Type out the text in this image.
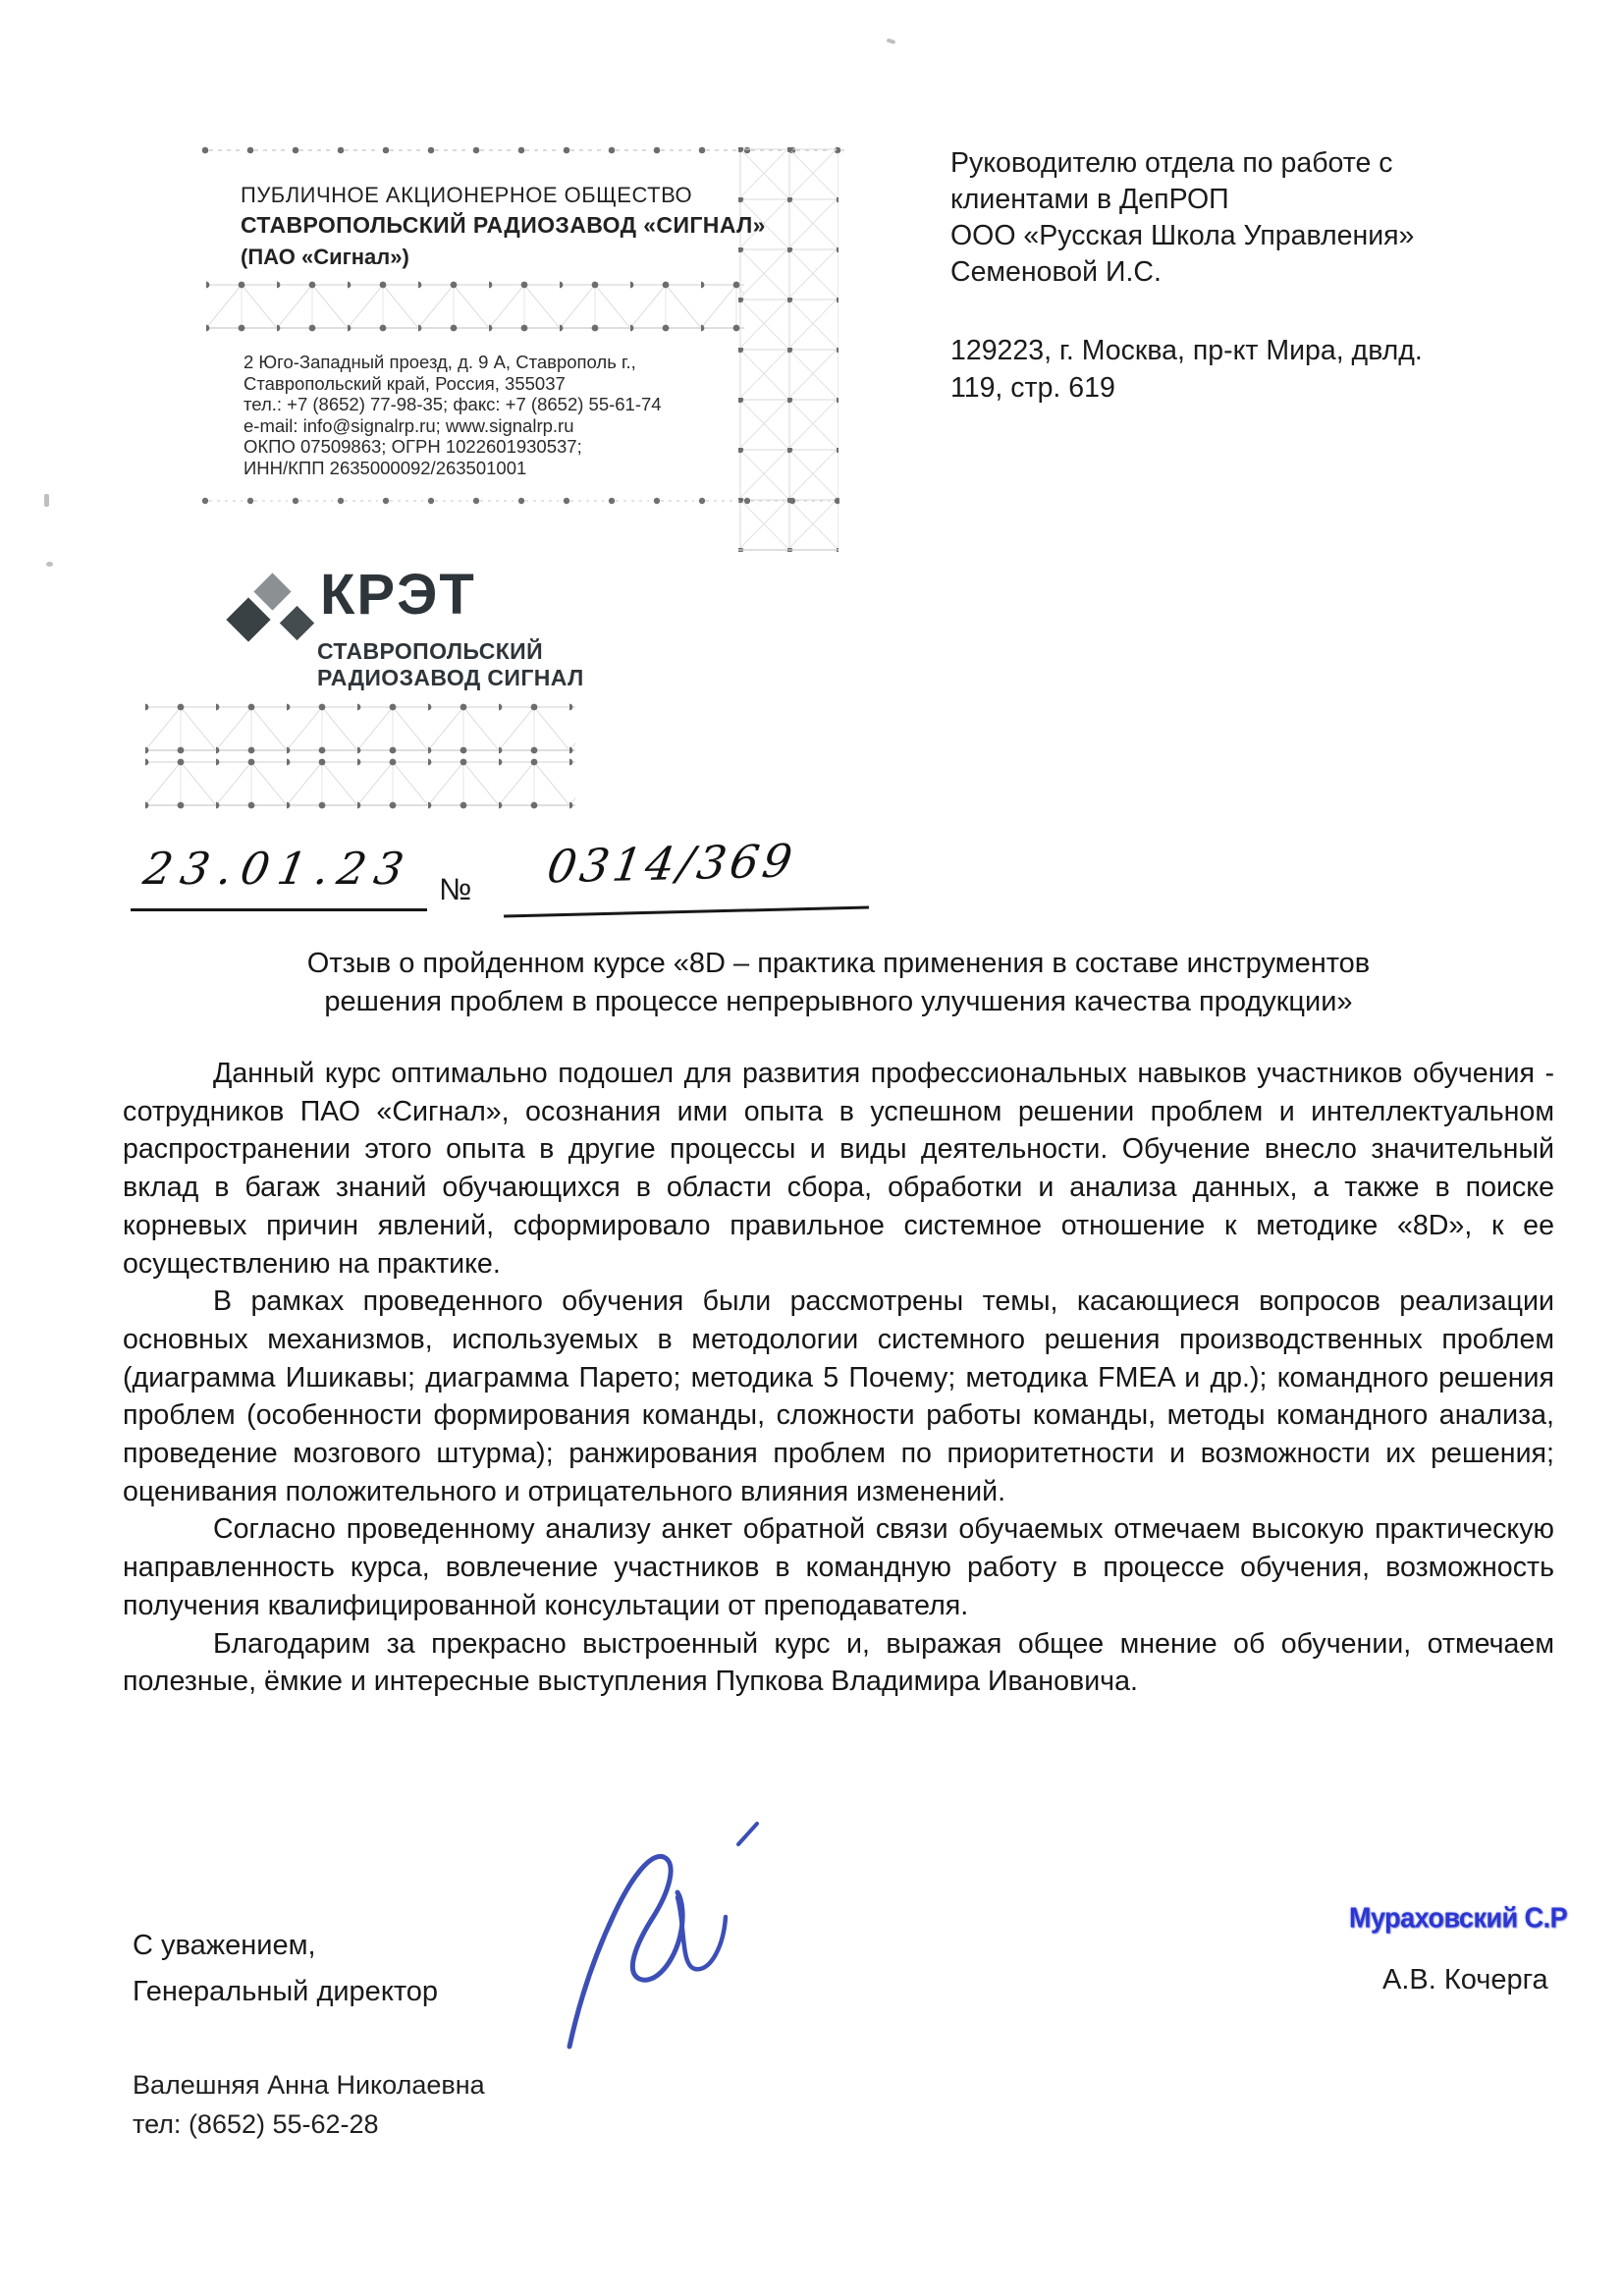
ПУБЛИЧНОЕ АКЦИОНЕРНОЕ ОБЩЕСТВО
СТАВРОПОЛЬСКИЙ РАДИОЗАВОД «СИГНАЛ»
(ПАО «Сигнал»)
2 Юго-Западный проезд, д. 9 А, Ставрополь г.,
Ставропольский край, Россия, 355037
тел.: +7 (8652) 77-98-35; факс: +7 (8652) 55-61-74
e-mail: info@signalrp.ru; www.signalrp.ru
ОКПО 07509863; ОГРН 1022601930537;
ИНН/КПП 2635000092/263501001
КРЭТ
СТАВРОПОЛЬСКИЙ
РАДИОЗАВОД СИГНАЛ
Руководителю отдела по работе с
клиентами в ДепРОП
ООО «Русская Школа Управления»
Семеновой И.С.
129223, г. Москва, пр-кт Мира, двлд.
119, стр. 619
23.01.23 № 0314/369
Отзыв о пройденном курсе «8D – практика применения в составе инструментов
решения проблем в процессе непрерывного улучшения качества продукции»

Данный курс оптимально подошел для развития профессиональных навыков участников обучения - сотрудников ПАО «Сигнал», осознания ими опыта в успешном решении проблем и интеллектуальном распространении этого опыта в другие процессы и виды деятельности. Обучение внесло значительный вклад в багаж знаний обучающихся в области сбора, обработки и анализа данных, а также в поиске корневых причин явлений, сформировало правильное системное отношение к методике «8D», к ее осуществлению на практике.

В рамках проведенного обучения были рассмотрены темы, касающиеся вопросов реализации основных механизмов, используемых в методологии системного решения производственных проблем (диаграмма Ишикавы; диаграмма Парето; методика 5 Почему; методика FMEA и др.); командного решения проблем (особенности формирования команды, сложности работы команды, методы командного анализа, проведение мозгового штурма); ранжирования проблем по приоритетности и возможности их решения; оценивания положительного и отрицательного влияния изменений.

Согласно проведенному анализу анкет обратной связи обучаемых отмечаем высокую практическую направленность курса, вовлечение участников в командную работу в процессе обучения, возможность получения квалифицированной консультации от преподавателя.

Благодарим за прекрасно выстроенный курс и, выражая общее мнение об обучении, отмечаем полезные, ёмкие и интересные выступления Пупкова Владимира Ивановича.

С уважением,
Генеральный директор
Мураховский С.Р
А.В. Кочерга
Валешняя Анна Николаевна
тел: (8652) 55-62-28
